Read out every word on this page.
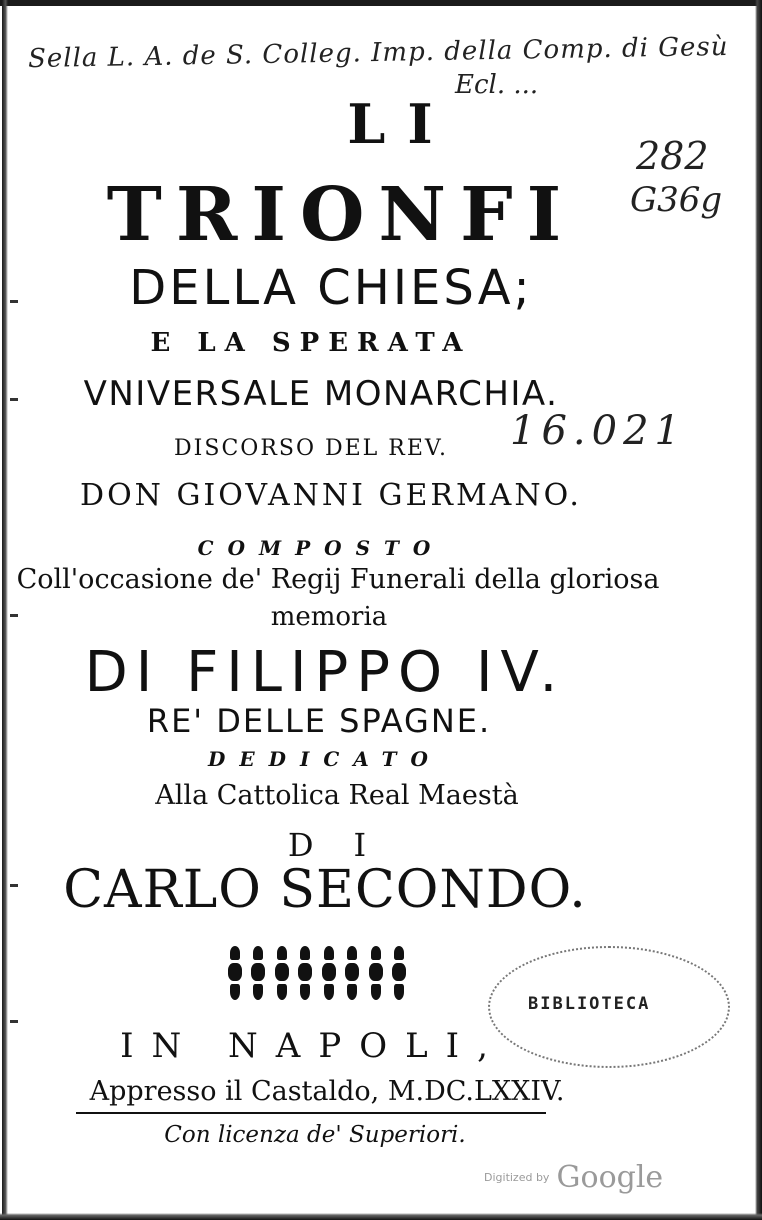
Sella L. A. de S. Colleg. Imp. della Comp. di Gesù
Ecl. ...
282
G36g
16.021
LI
TRIONFI
DELLA CHIESA;
E LA SPERATA
VNIVERSALE MONARCHIA.
DISCORSO DEL REV.
DON GIOVANNI GERMANO.
COMPOSTO
Coll'occasione de' Regij Funerali della gloriosa
memoria
DI FILIPPO IV.
RE' DELLE SPAGNE.
DEDICATO
Alla Cattolica Real Maestà
DI
CARLO SECONDO.
BIBLIOTECA
IN NAPOLI,
Appresso il Castaldo, M.DC.LXXIV.
Con licenza de' Superiori.
Digitized by Google
